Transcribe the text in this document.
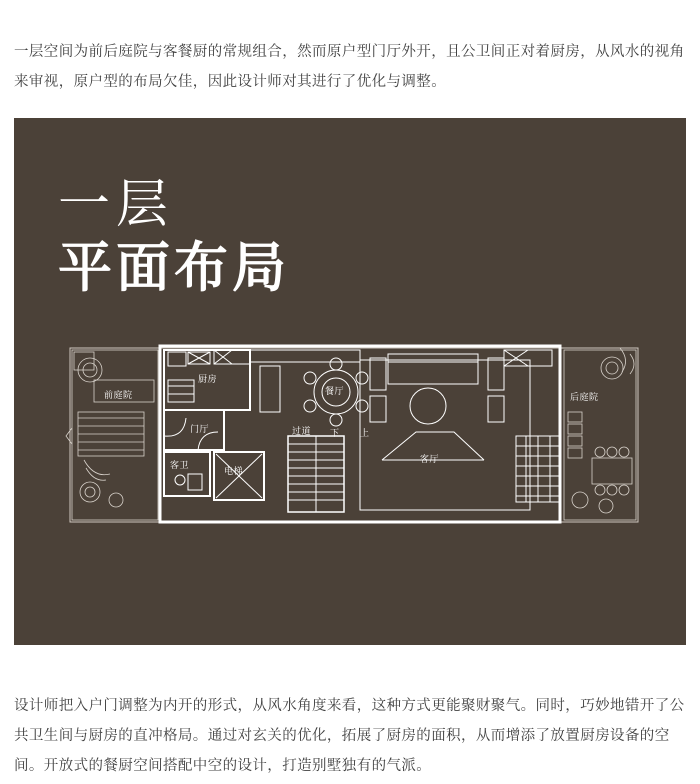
一层空间为前后庭院与客餐厨的常规组合，然而原户型门厅外开，且公卫间正对着厨房，从风水的视角来审视，原户型的布局欠佳，因此设计师对其进行了优化与调整。

一层
平面布局
前庭院
厨房
门厅
客卫
电梯
餐厅
过道
客厅
后庭院
下 上

设计师把入户门调整为内开的形式，从风水角度来看，这种方式更能聚财聚气。同时，巧妙地错开了公共卫生间与厨房的直冲格局。通过对玄关的优化，拓展了厨房的面积，从而增添了放置厨房设备的空间。开放式的餐厨空间搭配中空的设计，打造别墅独有的气派。
